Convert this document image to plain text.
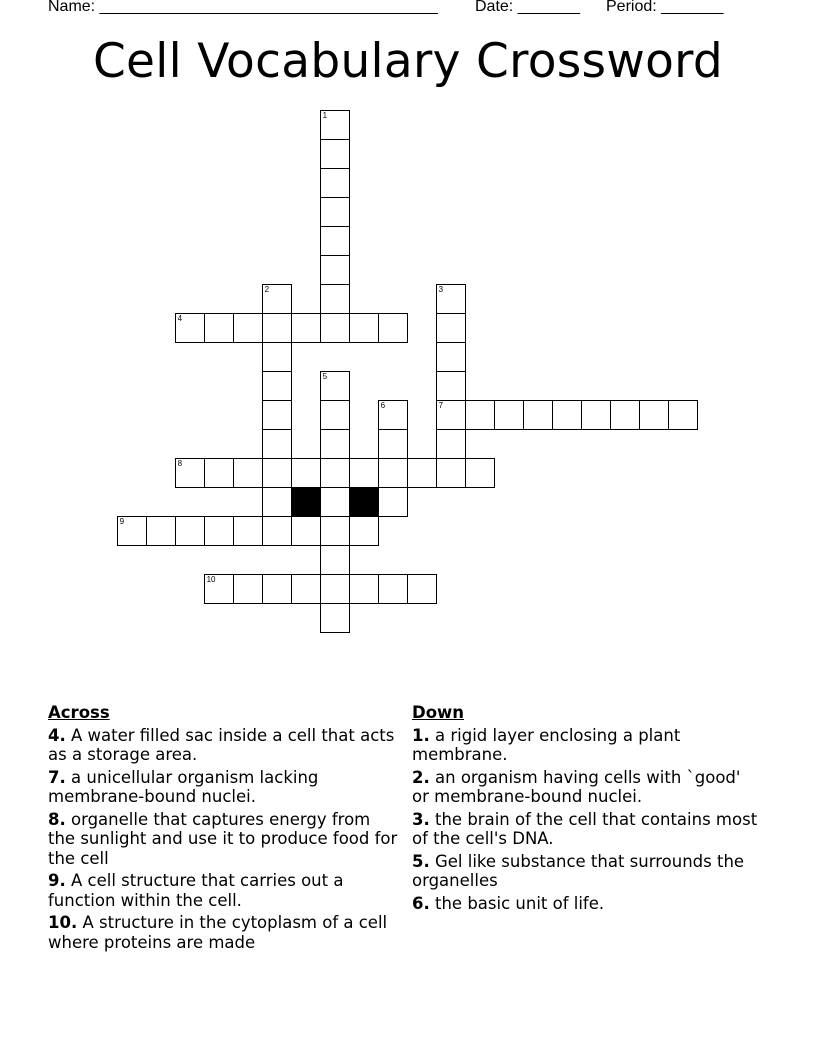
Name: ______________________________________ Date: _______ Period: _______
Cell Vocabulary Crossword
1
2	3
4
5
6	7
8
9
10
Across
4. A water filled sac inside a cell that acts as a storage area.
7. a unicellular organism lacking membrane-bound nuclei.
8. organelle that captures energy from the sunlight and use it to produce food for the cell
9. A cell structure that carries out a function within the cell.
10. A structure in the cytoplasm of a cell where proteins are made
Down
1. a rigid layer enclosing a plant membrane.
2. an organism having cells with `good' or membrane-bound nuclei.
3. the brain of the cell that contains most of the cell's DNA.
5. Gel like substance that surrounds the organelles
6. the basic unit of life.
